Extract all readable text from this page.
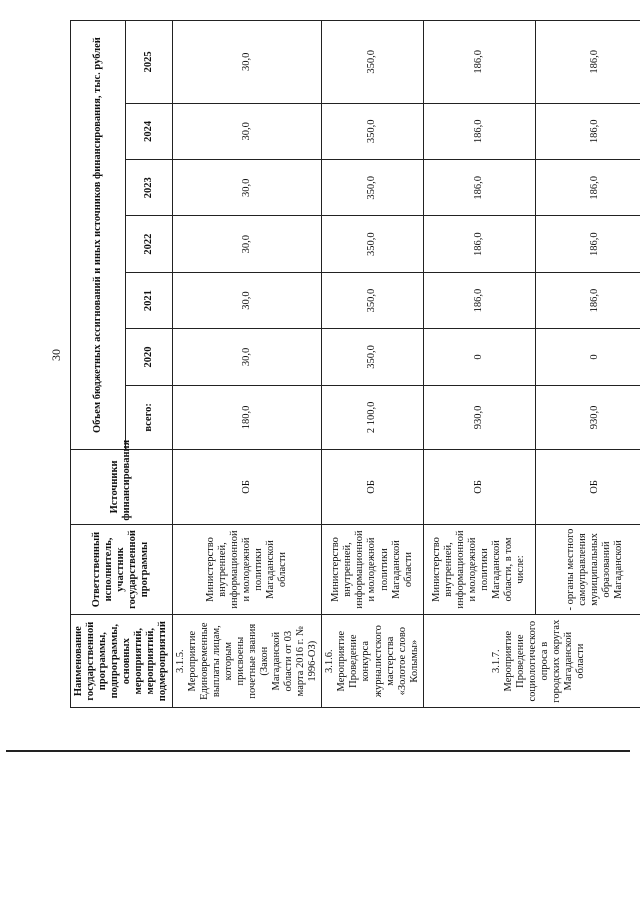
30
Наименование государственной программы, подпрограммы, основных мероприятий, мероприятий, подмероприятий	Ответственный исполнитель, участник государственной программы	Источники финансирования	Объем бюджетных ассигнований и иных источников финансирования, тыс. рублей						
			всего:	2020	2021	2022	2023	2024	2025
3.1.5. Мероприятие Единовременные выплаты лицам, которым присвоены почетные звания (Закон Магаданской области от 03 марта 2016 г. № 1996-ОЗ)	Министерство внутренней, информационной и молодежной политики Магаданской области	ОБ	180,0	30,0	30,0	30,0	30,0	30,0	30,0
3.1.6. Мероприятие Проведение конкурса журналистского мастерства «Золотое слово Колымы»	Министерство внутренней, информационной и молодежной политики Магаданской области	ОБ	2 100,0	350,0	350,0	350,0	350,0	350,0	350,0
3.1.7. Мероприятие Проведение социологического опроса в городских округах Магаданской области	Министерство внутренней, информационной и молодежной политики Магаданской области, в том числе:	ОБ	930,0	0	186,0	186,0	186,0	186,0	186,0
	- органы местного самоуправления муниципальных образований Магаданской	ОБ	930,0	0	186,0	186,0	186,0	186,0	186,0
